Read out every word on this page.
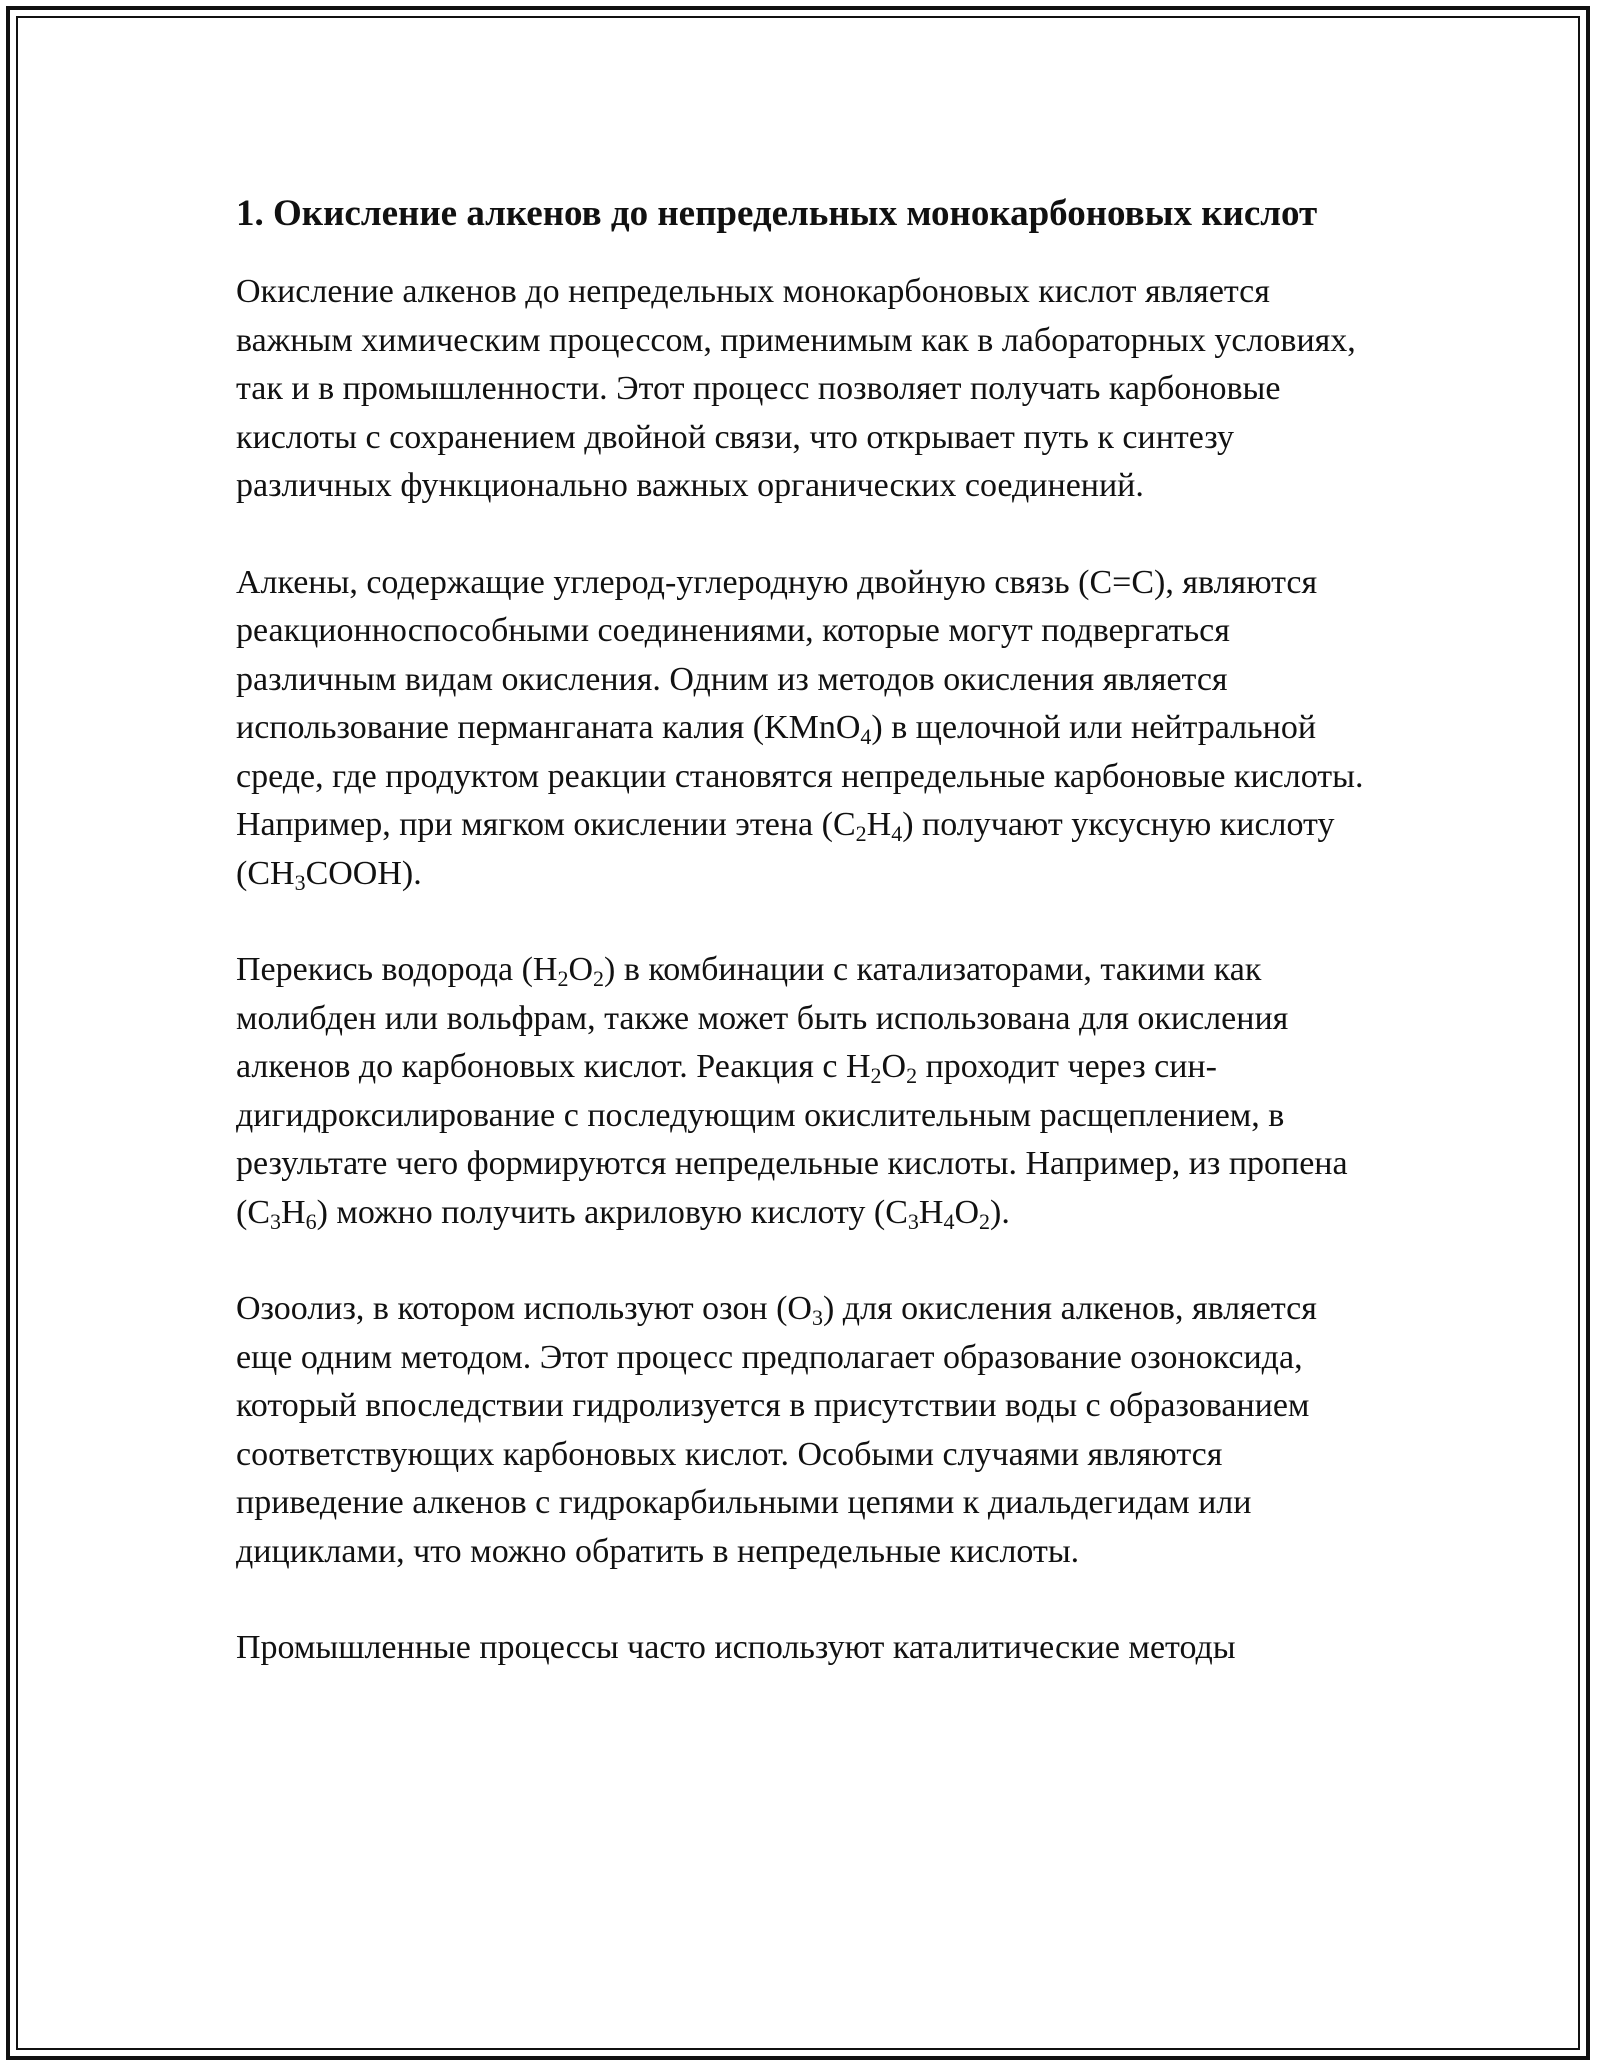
1. Окисление алкенов до непредельных монокарбоновых кислот

Окисление алкенов до непредельных монокарбоновых кислот является важным химическим процессом, применимым как в лабораторных условиях, так и в промышленности. Этот процесс позволяет получать карбоновые кислоты с сохранением двойной связи, что открывает путь к синтезу различных функционально важных органических соединений.

Алкены, содержащие углерод-углеродную двойную связь (C=C), являются реакционноспособными соединениями, которые могут подвергаться различным видам окисления. Одним из методов окисления является использование перманганата калия (KMnO$_4$) в щелочной или нейтральной среде, где продуктом реакции становятся непредельные карбоновые кислоты. Например, при мягком окислении этена $(C_2H_4)$ получают уксусную кислоту $(CH_3COOH)$.

Перекись водорода $(H_2O_2)$ в комбинации с катализаторами, такими как молибден или вольфрам, также может быть использована для окисления алкенов до карбоновых кислот. Реакция с $H_2O_2$ проходит через син-дигидроксилирование с последующим окислительным расщеплением, в результате чего формируются непредельные кислоты. Например, из пропена $(C_3H_6)$ можно получить акриловую кислоту $(C_3H_4O_2)$.

Озоолиз, в котором используют озон $(O_3)$ для окисления алкенов, является еще одним методом. Этот процесс предполагает образование озоноксида, который впоследствии гидролизуется в присутствии воды с образованием соответствующих карбоновых кислот. Особыми случаями являются приведение алкенов с гидрокарбильными цепями к диальдегидам или дициклами, что можно обратить в непредельные кислоты.

Промышленные процессы часто используют каталитические методы
